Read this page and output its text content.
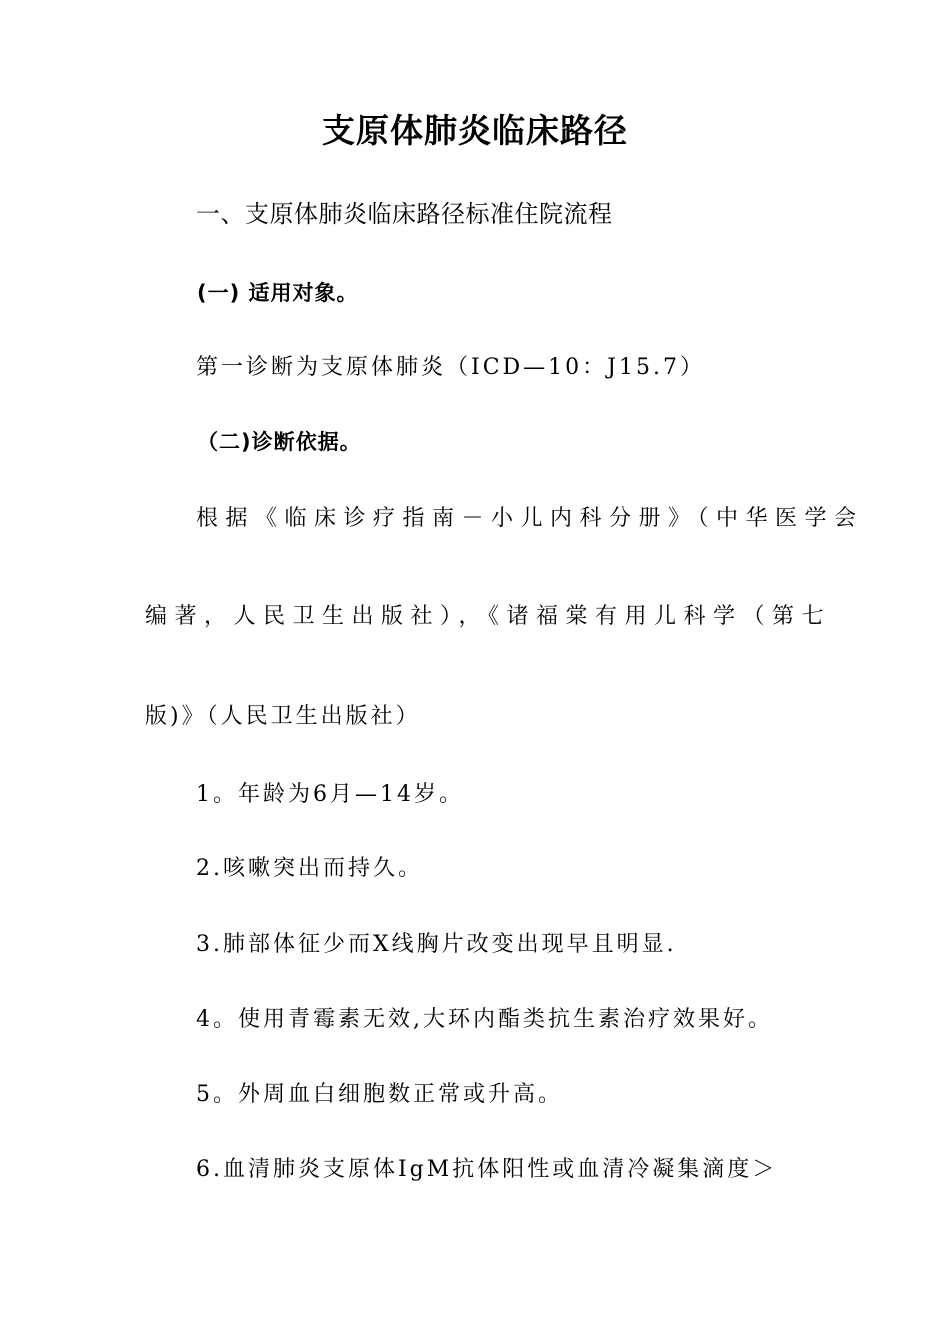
支原体肺炎临床路径

一、支原体肺炎临床路径标准住院流程

(一) 适用对象。

第一诊断为支原体肺炎（ICD—10：J15.7）

（二)诊断依据。

根据《临床诊疗指南－小儿内科分册》（中华医学会

编著，人民卫生出版社），《诸福棠有用儿科学（第七

版)》（人民卫生出版社）

1。年龄为6月—14岁。

2.咳嗽突出而持久。

3.肺部体征少而X线胸片改变出现早且明显.

4。使用青霉素无效,大环内酯类抗生素治疗效果好。

5。外周血白细胞数正常或升高。

6.血清肺炎支原体IgM抗体阳性或血清冷凝集滴度＞
